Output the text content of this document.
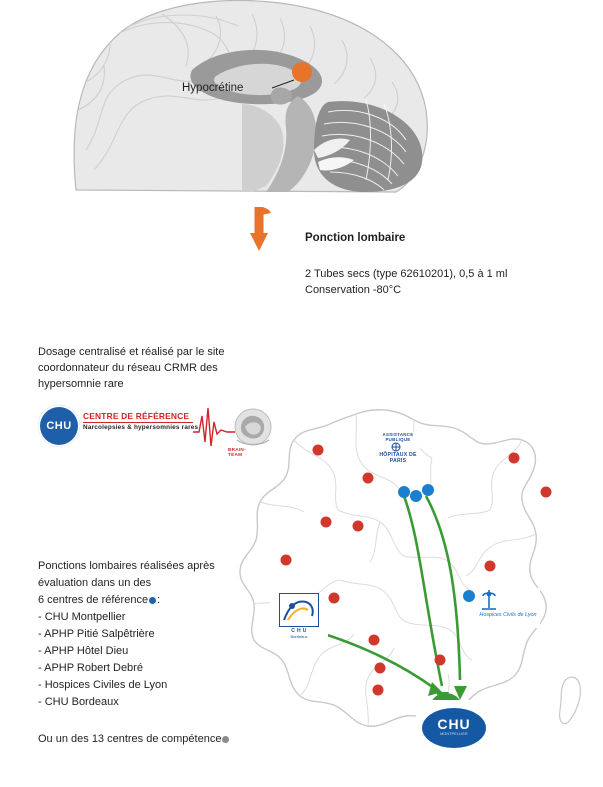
Hypocrétine
Ponction lombaire
2 Tubes secs (type 62610201), 0,5 à 1 ml
Conservation -80°C
Dosage centralisé et réalisé par le site coordonnateur du réseau CRMR des hypersomnie rare
CHU
CENTRE DE RÉFÉRENCE
Narcolepsies & hypersomnies rares
BRAIN-TEAM
Ponctions lombaires réalisées après
évaluation dans un des
6 centres de référence :
- CHU Montpellier
- APHP Pitié Salpêtrière
- APHP Hôtel Dieu
- APHP Robert Debré
- Hospices Civiles de Lyon
- CHU Bordeaux
Ou un des 13 centres de compétence
ASSISTANCE PUBLIQUE
HÔPITAUX DE PARIS
C H U
Bordeaux
Hospices Civils de Lyon
CHU
MONTPELLIER
